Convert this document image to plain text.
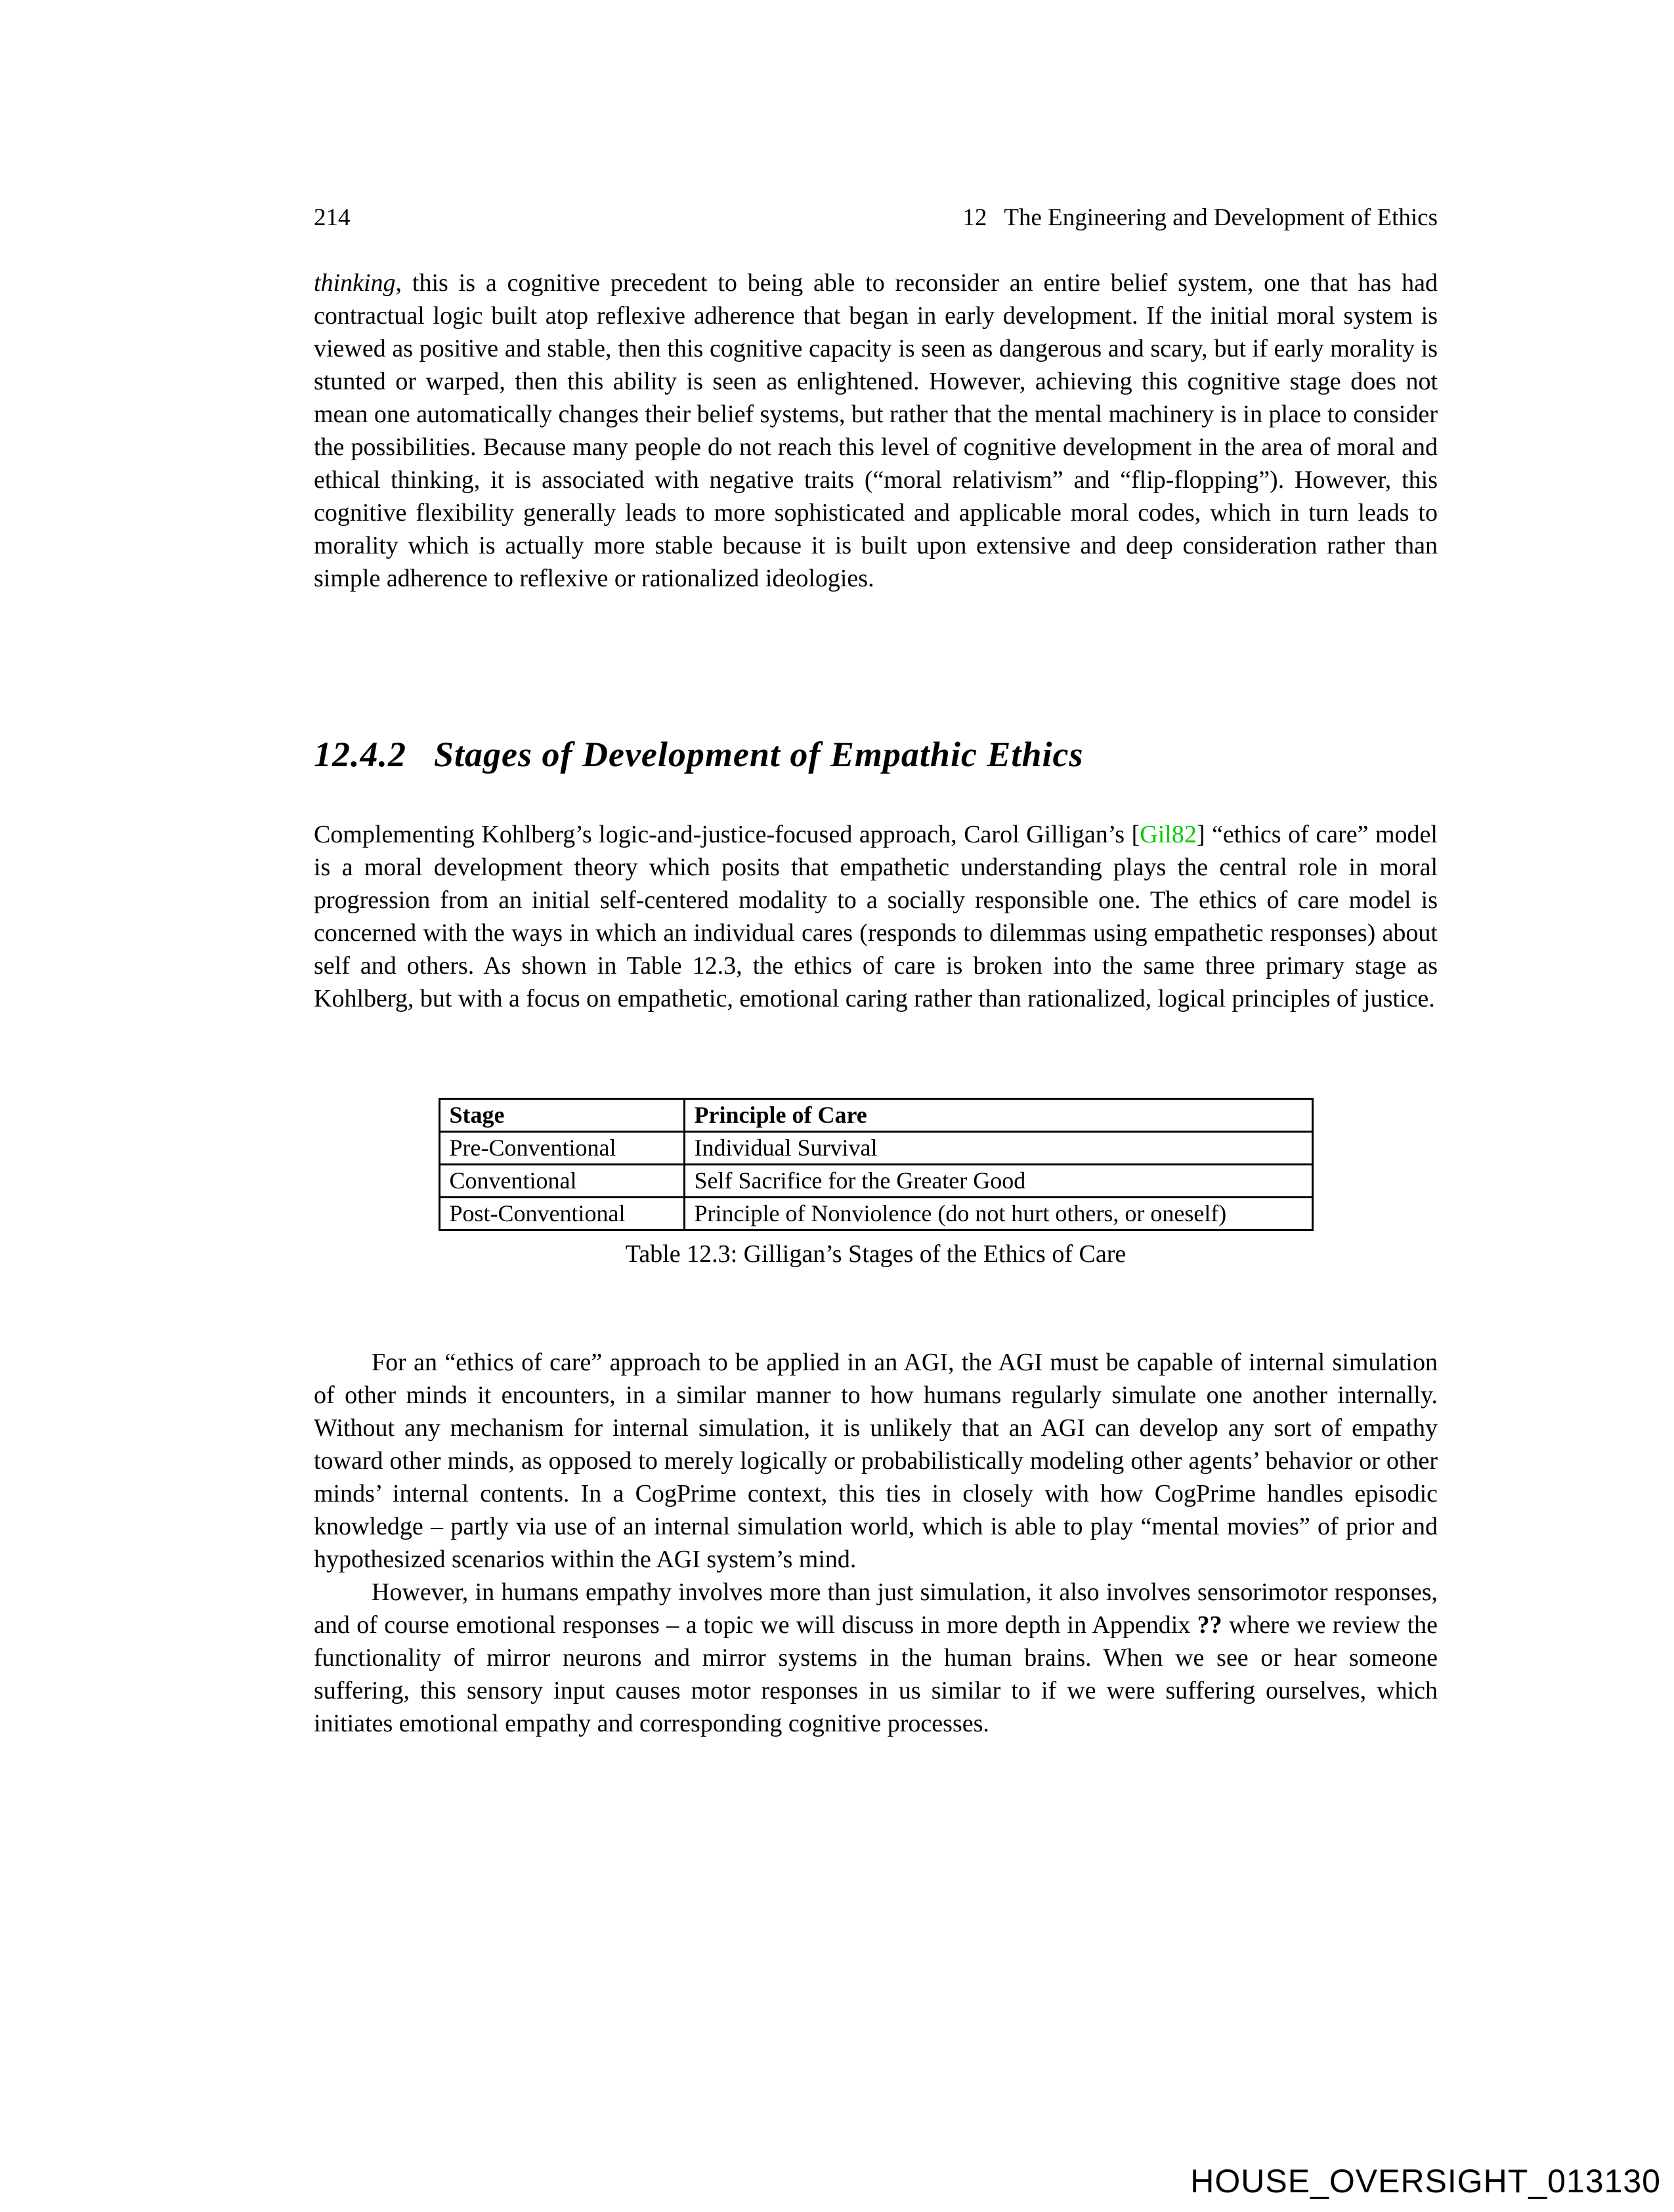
214	12 The Engineering and Development of Ethics

thinking, this is a cognitive precedent to being able to reconsider an entire belief system, one that has had contractual logic built atop reflexive adherence that began in early development. If the initial moral system is viewed as positive and stable, then this cognitive capacity is seen as dangerous and scary, but if early morality is stunted or warped, then this ability is seen as enlightened. However, achieving this cognitive stage does not mean one automatically changes their belief systems, but rather that the mental machinery is in place to consider the possibilities. Because many people do not reach this level of cognitive development in the area of moral and ethical thinking, it is associated with negative traits (“moral relativism” and “flip-flopping”). However, this cognitive flexibility generally leads to more sophisticated and applicable moral codes, which in turn leads to morality which is actually more stable because it is built upon extensive and deep consideration rather than simple adherence to reflexive or rationalized ideologies.

12.4.2 Stages of Development of Empathic Ethics

Complementing Kohlberg’s logic-and-justice-focused approach, Carol Gilligan’s [Gil82] “ethics of care” model is a moral development theory which posits that empathetic understanding plays the central role in moral progression from an initial self-centered modality to a socially responsible one. The ethics of care model is concerned with the ways in which an individual cares (responds to dilemmas using empathetic responses) about self and others. As shown in Table 12.3, the ethics of care is broken into the same three primary stage as Kohlberg, but with a focus on empathetic, emotional caring rather than rationalized, logical principles of justice.

Stage	Principle of Care
Pre-Conventional	Individual Survival
Conventional	Self Sacrifice for the Greater Good
Post-Conventional	Principle of Nonviolence (do not hurt others, or oneself)
Table 12.3: Gilligan’s Stages of the Ethics of Care

For an “ethics of care” approach to be applied in an AGI, the AGI must be capable of internal simulation of other minds it encounters, in a similar manner to how humans regularly simulate one another internally. Without any mechanism for internal simulation, it is unlikely that an AGI can develop any sort of empathy toward other minds, as opposed to merely logically or probabilistically modeling other agents’ behavior or other minds’ internal contents. In a CogPrime context, this ties in closely with how CogPrime handles episodic knowledge – partly via use of an internal simulation world, which is able to play “mental movies” of prior and hypothesized scenarios within the AGI system’s mind.

However, in humans empathy involves more than just simulation, it also involves sensorimotor responses, and of course emotional responses – a topic we will discuss in more depth in Appendix ?? where we review the functionality of mirror neurons and mirror systems in the human brains. When we see or hear someone suffering, this sensory input causes motor responses in us similar to if we were suffering ourselves, which initiates emotional empathy and corresponding cognitive processes.

HOUSE_OVERSIGHT_013130
